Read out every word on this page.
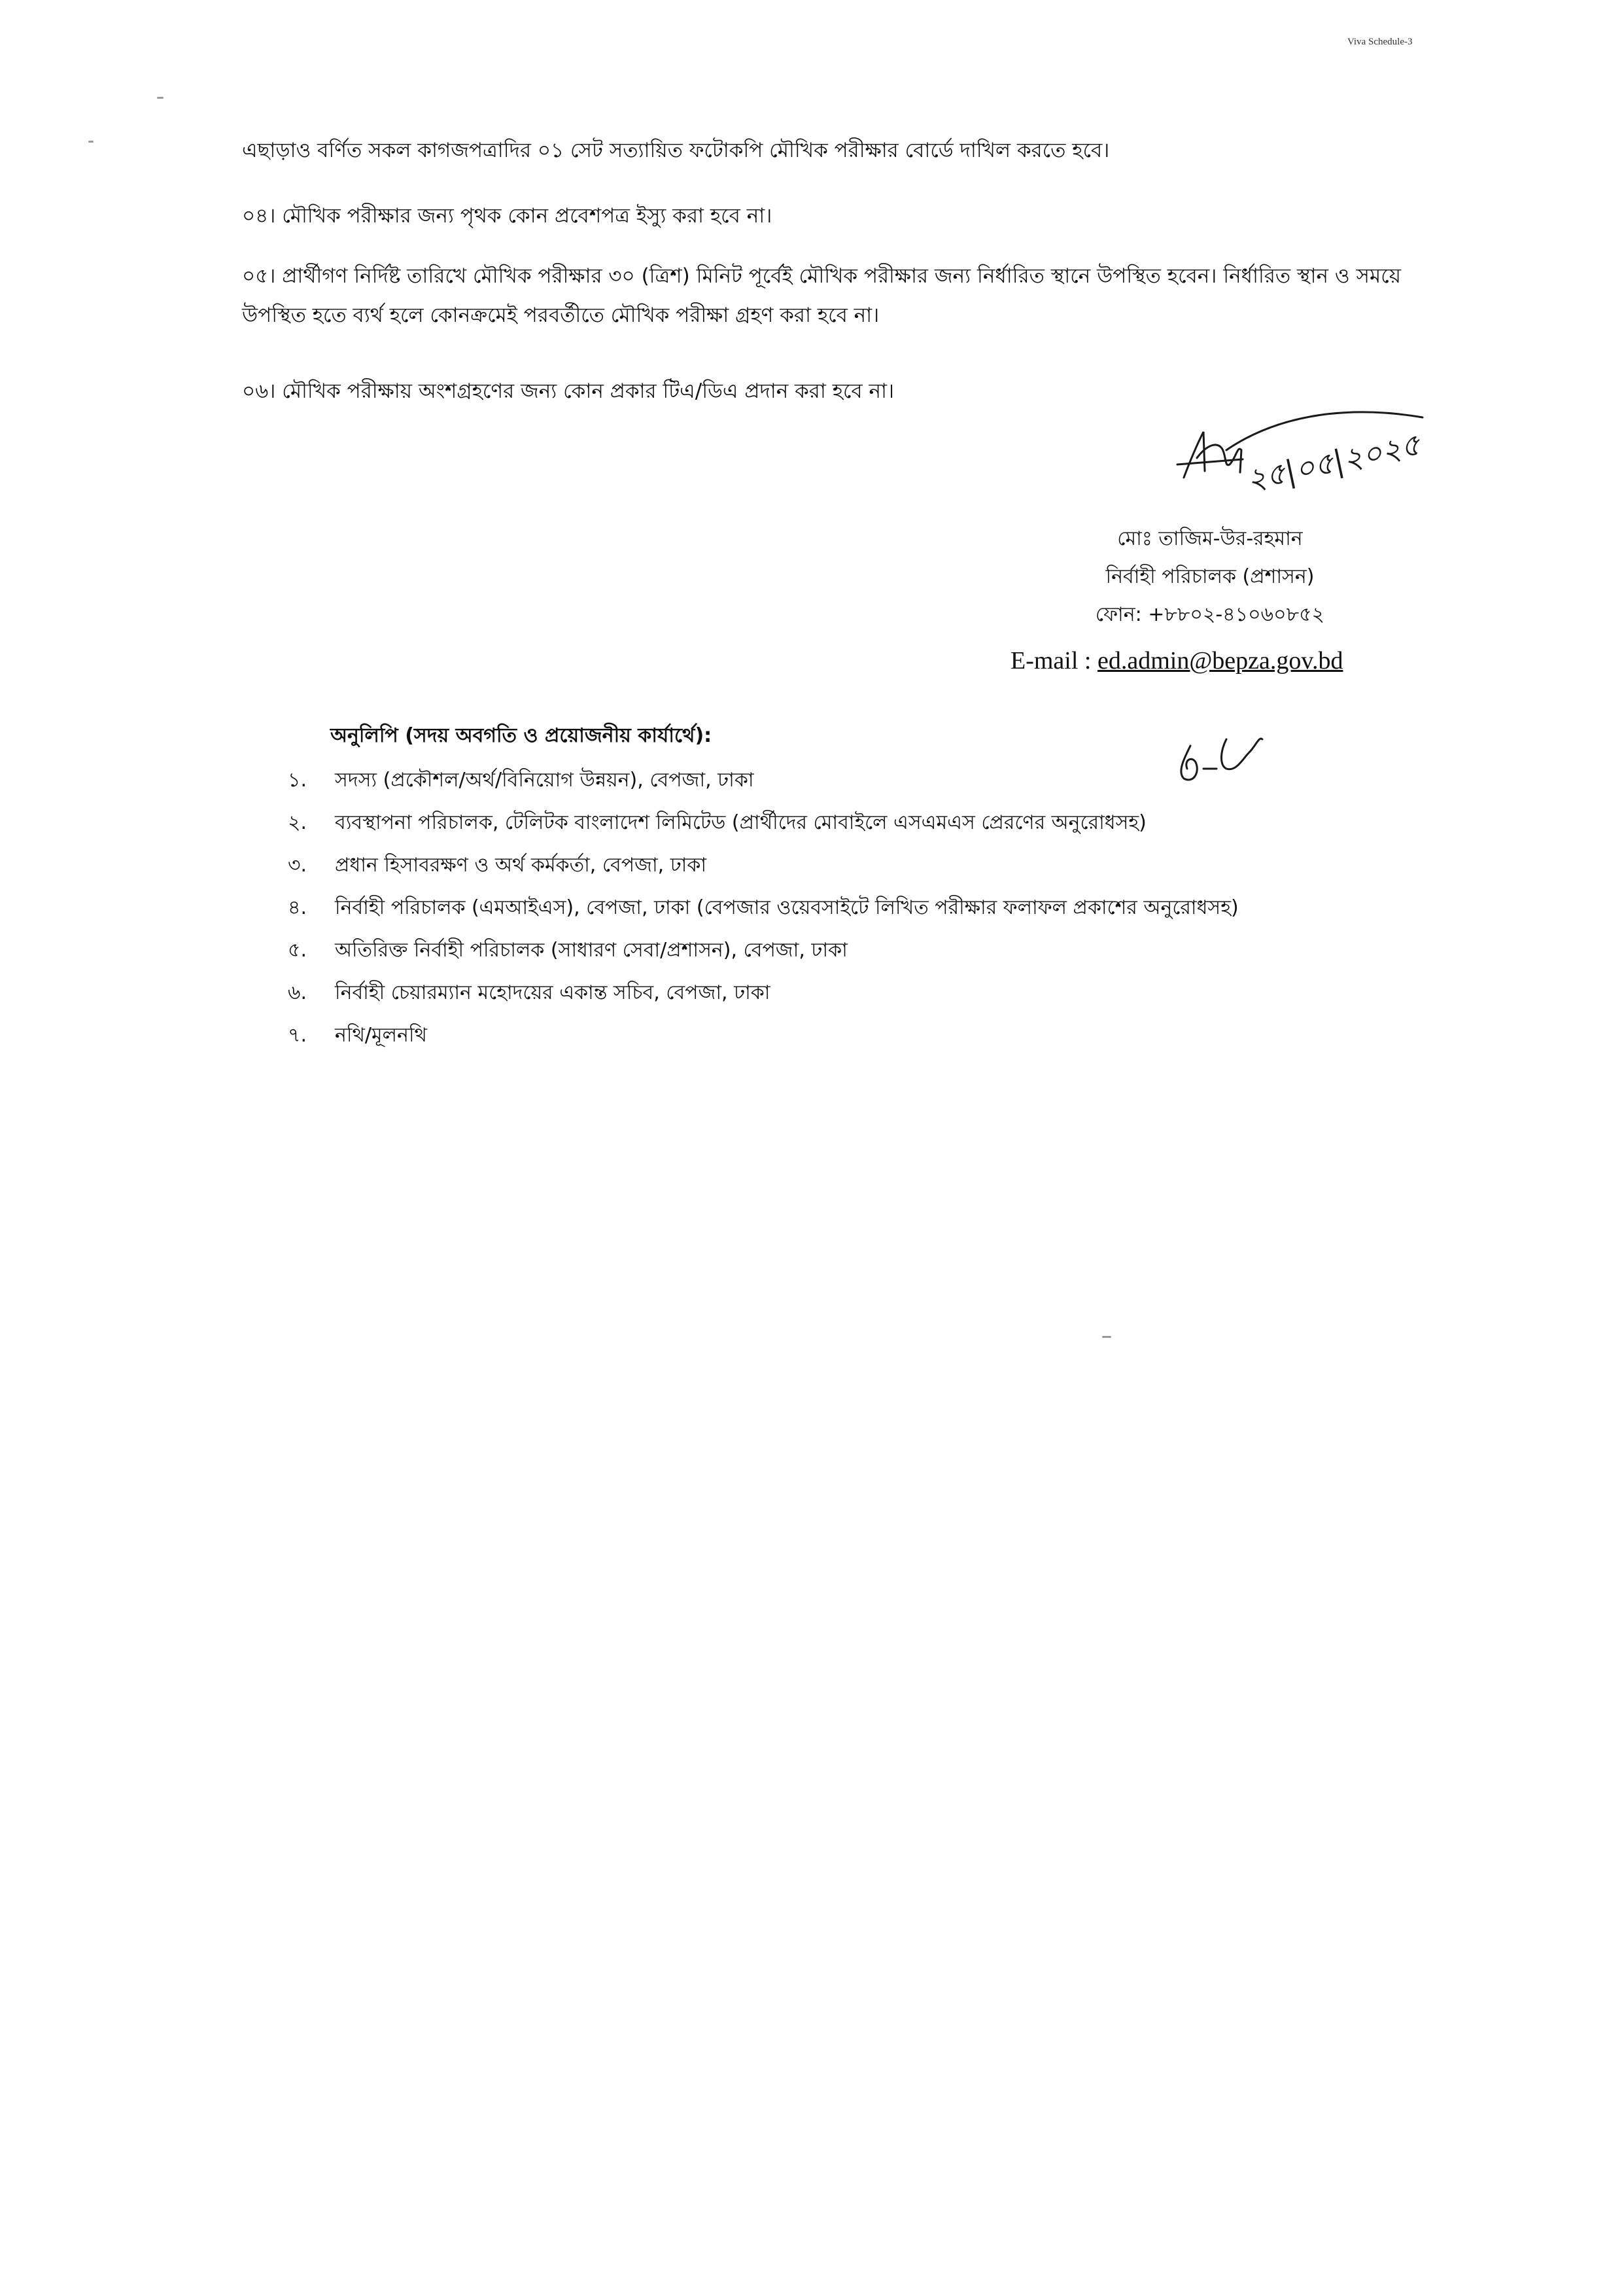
Viva Schedule-3

এছাড়াও বর্ণিত সকল কাগজপত্রাদির ০১ সেট সত্যায়িত ফটোকপি মৌখিক পরীক্ষার বোর্ডে দাখিল করতে হবে।

০৪। মৌখিক পরীক্ষার জন্য পৃথক কোন প্রবেশপত্র ইস্যু করা হবে না।

০৫। প্রার্থীগণ নির্দিষ্ট তারিখে মৌখিক পরীক্ষার ৩০ (ত্রিশ) মিনিট পূর্বেই মৌখিক পরীক্ষার জন্য নির্ধারিত স্থানে উপস্থিত হবেন। নির্ধারিত স্থান ও সময়ে উপস্থিত হতে ব্যর্থ হলে কোনক্রমেই পরবর্তীতে মৌখিক পরীক্ষা গ্রহণ করা হবে না।

০৬। মৌখিক পরীক্ষায় অংশগ্রহণের জন্য কোন প্রকার টিএ/ডিএ প্রদান করা হবে না।

২৫|০৫|২০২৫
মোঃ তাজিম-উর-রহমান
নির্বাহী পরিচালক (প্রশাসন)
ফোন: +৮৮০২-৪১০৬০৮৫২
E-mail : ed.admin@bepza.gov.bd
অনুলিপি (সদয় অবগতি ও প্রয়োজনীয় কার্যার্থে):
১.	সদস্য (প্রকৌশল/অর্থ/বিনিয়োগ উন্নয়ন), বেপজা, ঢাকা
২.	ব্যবস্থাপনা পরিচালক, টেলিটক বাংলাদেশ লিমিটেড (প্রার্থীদের মোবাইলে এসএমএস প্রেরণের অনুরোধসহ)
৩.	প্রধান হিসাবরক্ষণ ও অর্থ কর্মকর্তা, বেপজা, ঢাকা
৪.	নির্বাহী পরিচালক (এমআইএস), বেপজা, ঢাকা (বেপজার ওয়েবসাইটে লিখিত পরীক্ষার ফলাফল প্রকাশের অনুরোধসহ)
৫.	অতিরিক্ত নির্বাহী পরিচালক (সাধারণ সেবা/প্রশাসন), বেপজা, ঢাকা
৬.	নির্বাহী চেয়ারম্যান মহোদয়ের একান্ত সচিব, বেপজা, ঢাকা
৭.	নথি/মূলনথি
